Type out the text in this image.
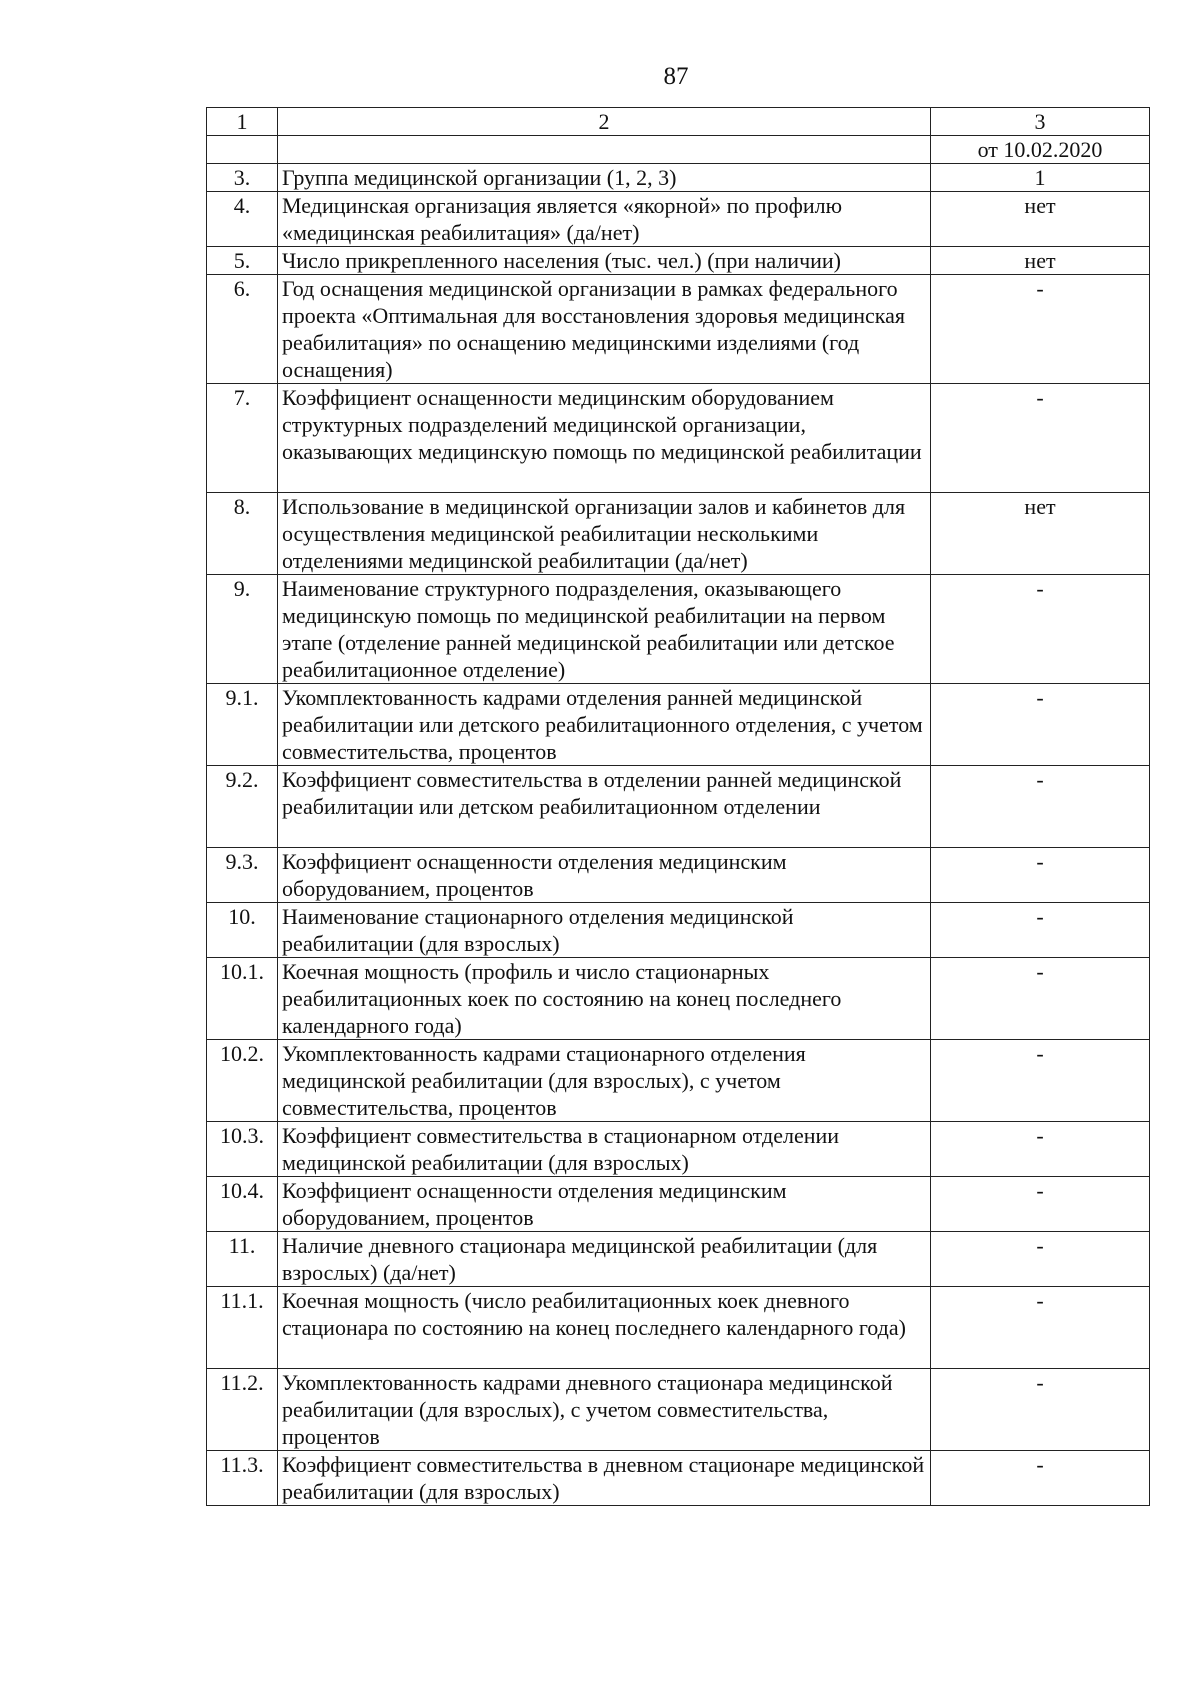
87
1	2	3
		от 10.02.2020
3.	Группа медицинской организации (1, 2, 3)	1
4.	Медицинская организация является «якорной» по профилю «медицинская реабилитация» (да/нет)	нет
5.	Число прикрепленного населения (тыс. чел.) (при наличии)	нет
6.	Год оснащения медицинской организации в рамках федерального проекта «Оптимальная для восстановления здоровья медицинская реабилитация» по оснащению медицинскими изделиями (год оснащения)	-
7.	Коэффициент оснащенности медицинским оборудованием структурных подразделений медицинской организации, оказывающих медицинскую помощь по медицинской реабилитации	-
8.	Использование в медицинской организации залов и кабинетов для осуществления медицинской реабилитации несколькими отделениями медицинской реабилитации (да/нет)	нет
9.	Наименование структурного подразделения, оказывающего медицинскую помощь по медицинской реабилитации на первом этапе (отделение ранней медицинской реабилитации или детское реабилитационное отделение)	-
9.1.	Укомплектованность кадрами отделения ранней медицинской реабилитации или детского реабилитационного отделения, с учетом совместительства, процентов	-
9.2.	Коэффициент совместительства в отделении ранней медицинской реабилитации или детском реабилитационном отделении	-
9.3.	Коэффициент оснащенности отделения медицинским оборудованием, процентов	-
10.	Наименование стационарного отделения медицинской реабилитации (для взрослых)	-
10.1.	Коечная мощность (профиль и число стационарных реабилитационных коек по состоянию на конец последнего календарного года)	-
10.2.	Укомплектованность кадрами стационарного отделения медицинской реабилитации (для взрослых), с учетом совместительства, процентов	-
10.3.	Коэффициент совместительства в стационарном отделении медицинской реабилитации (для взрослых)	-
10.4.	Коэффициент оснащенности отделения медицинским оборудованием, процентов	-
11.	Наличие дневного стационара медицинской реабилитации (для взрослых) (да/нет)	-
11.1.	Коечная мощность (число реабилитационных коек дневного стационара по состоянию на конец последнего календарного года)	-
11.2.	Укомплектованность кадрами дневного стационара медицинской реабилитации (для взрослых), с учетом совместительства, процентов	-
11.3.	Коэффициент совместительства в дневном стационаре медицинской реабилитации (для взрослых)	-
